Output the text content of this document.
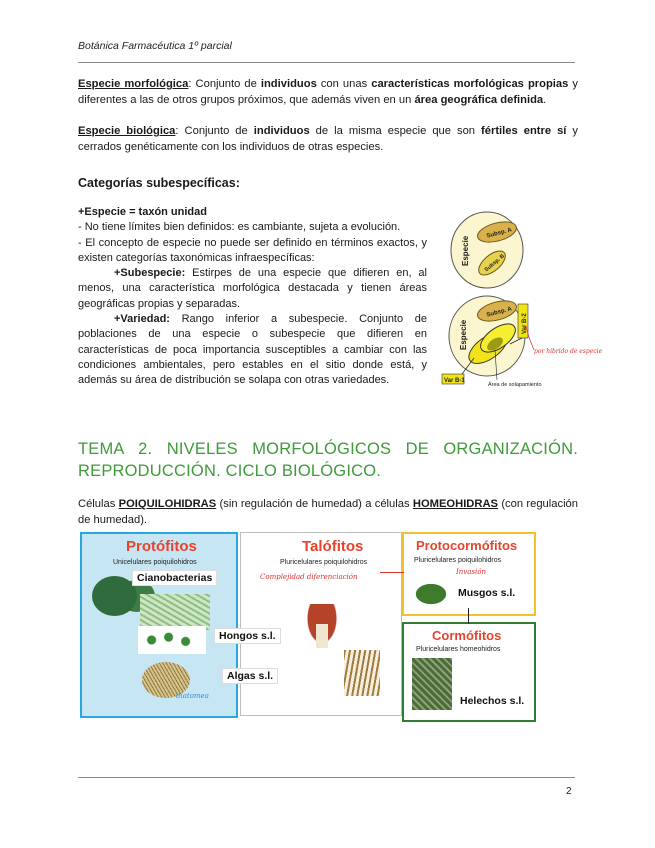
Botánica Farmacéutica 1º parcial
Especie morfológica: Conjunto de individuos con unas características morfológicas propias y diferentes a las de otros grupos próximos, que además viven en un área geográfica definida.
Especie biológica: Conjunto de individuos de la misma especie que son fértiles entre sí y cerrados genéticamente con los individuos de otras especies.
Categorías subespecíficas:

+Especie = taxón unidad

- No tiene límites bien definidos: es cambiante, sujeta a evolución.

- El concepto de especie no puede ser definido en términos exactos, y existen categorías taxonómicas infraespecíficas:

+Subespecie: Estirpes de una especie que difieren en, al menos, una característica morfológica destacada y tienen áreas geográficas propias y separadas.

+Variedad: Rango inferior a subespecie. Conjunto de poblaciones de una especie o subespecie que difieren en características de poca importancia susceptibles a cambiar con las condiciones ambientales, pero estables en el sitio donde está, y además su área de distribución se solapa con otras variedades.

Especie
Subsp. A
Subsp. B
Especie
Subsp. A
Var B-2
Var B-1
Área de solapamiento
por hibrido de especie
TEMA 2. NIVELES MORFOLÓGICOS DE ORGANIZACIÓN. REPRODUCCIÓN. CICLO BIOLÓGICO.
Células POIQUILOHIDRAS (sin regulación de humedad) a células HOMEOHIDRAS (con regulación de humedad).
Protófitos
Unicelulares poiquilohidros
Cianobacterias
diatomea
Talófitos
Pluricelulares poiquilohidros
Complejidad diferenciación
Hongos s.l.
Algas s.l.
Protocormófitos
Pluricelulares poiquilohidros
Invasión
Musgos s.l.
Cormófitos
Pluricelulares homeohidros
Helechos s.l.
2
